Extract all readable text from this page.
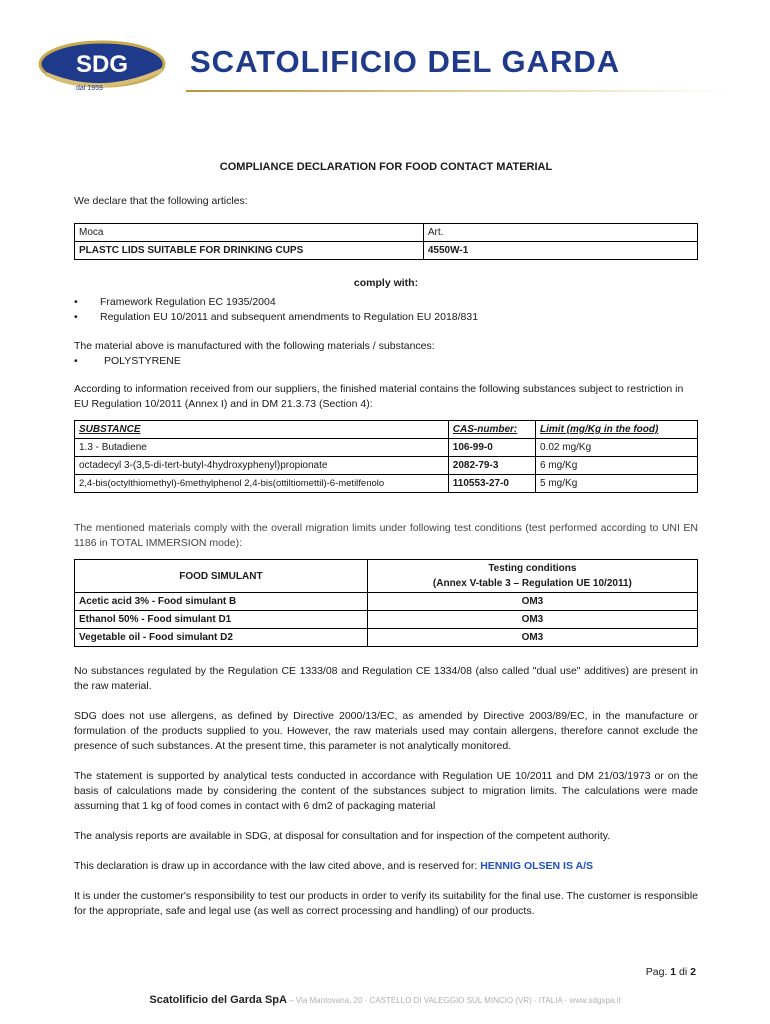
SDG
dal 1959
SCATOLIFICIO DEL GARDA
COMPLIANCE DECLARATION FOR FOOD CONTACT MATERIAL

We declare that the following articles:

Moca	Art.
PLASTC LIDS SUITABLE FOR DRINKING CUPS	4550W-1
comply with:
•	Framework Regulation EC 1935/2004
•	Regulation EU 10/2011 and subsequent amendments to Regulation EU 2018/831

The material above is manufactured with the following materials / substances:

•	POLYSTYRENE

According to information received from our suppliers, the finished material contains the following substances subject to restriction in EU Regulation 10/2011 (Annex I) and in DM 21.3.73 (Section 4):

SUBSTANCE	CAS-number:	Limit (mg/Kg in the food)
1.3 - Butadiene	106-99-0	0.02 mg/Kg
octadecyl 3-(3,5-di-tert-butyl-4hydroxyphenyl)propionate	2082-79-3	6 mg/Kg
2,4-bis(octylthiomethyl)-6methylphenol 2,4-bis(ottiltiomettil)-6-metilfenolo	110553-27-0	5 mg/Kg

The mentioned materials comply with the overall migration limits under following test conditions (test performed according to UNI EN 1186 in TOTAL IMMERSION mode):

FOOD SIMULANT	Testing conditions
(Annex V-table 3 – Regulation UE 10/2011)

Acetic acid 3% - Food simulant B	OM3
Ethanol 50% - Food simulant D1	OM3
Vegetable oil - Food simulant D2	OM3

No substances regulated by the Regulation CE 1333/08 and Regulation CE 1334/08 (also called "dual use" additives) are present in the raw material.

SDG does not use allergens, as defined by Directive 2000/13/EC, as amended by Directive 2003/89/EC, in the manufacture or formulation of the products supplied to you. However, the raw materials used may contain allergens, therefore cannot exclude the presence of such substances. At the present time, this parameter is not analytically monitored.

The statement is supported by analytical tests conducted in accordance with Regulation UE 10/2011 and DM 21/03/1973 or on the basis of calculations made by considering the content of the substances subject to migration limits. The calculations were made assuming that 1 kg of food comes in contact with 6 dm2 of packaging material

The analysis reports are available in SDG, at disposal for consultation and for inspection of the competent authority.

This declaration is draw up in accordance with the law cited above, and is reserved for: HENNIG OLSEN IS A/S

It is under the customer's responsibility to test our products in order to verify its suitability for the final use. The customer is responsible for the appropriate, safe and legal use (as well as correct processing and handling) of our products.

Pag. 1 di 2
Scatolificio del Garda SpA – Via Mantovana, 20 · CASTELLO DI VALEGGIO SUL MINCIO (VR) · ITALIA · www.sdgspa.it
